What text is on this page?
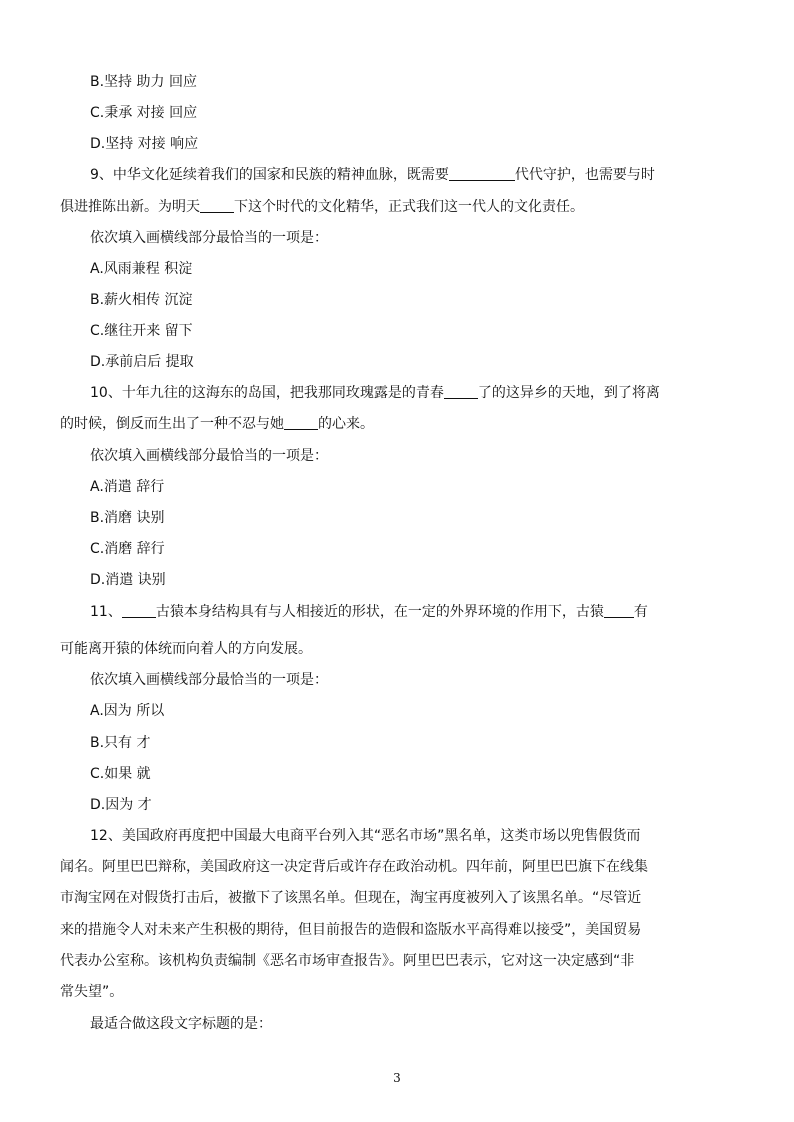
B.坚持 助力 回应
C.秉承 对接 回应
D.坚持 对接 响应
9、中华文化延续着我们的国家和民族的精神血脉，既需要	代代守护，也需要与时
俱进推陈出新。为明天 下这个时代的文化精华，正式我们这一代人的文化责任。
依次填入画横线部分最恰当的一项是：
A.风雨兼程 积淀
B.薪火相传 沉淀
C.继往开来 留下
D.承前启后 提取
10、十年九往的这海东的岛国，把我那同玫瑰露是的青春 了的这异乡的天地，到了将离
的时候，倒反而生出了一种不忍与她 的心来。
依次填入画横线部分最恰当的一项是：
A.消遣 辞行
B.消磨 诀别
C.消磨 辞行
D.消遣 诀别
11、 古猿本身结构具有与人相接近的形状，在一定的外界环境的作用下，古猿 有
可能离开猿的体统而向着人的方向发展。
依次填入画横线部分最恰当的一项是：
A.因为 所以
B.只有 才
C.如果 就
D.因为 才
12、美国政府再度把中国最大电商平台列入其“恶名市场”黑名单，这类市场以兜售假货而
闻名。阿里巴巴辩称，美国政府这一决定背后或许存在政治动机。四年前，阿里巴巴旗下在线集
市淘宝网在对假货打击后，被撤下了该黑名单。但现在，淘宝再度被列入了该黑名单。“尽管近
来的措施令人对未来产生积极的期待，但目前报告的造假和盗版水平高得难以接受”，美国贸易
代表办公室称。该机构负责编制《恶名市场审查报告》。阿里巴巴表示，它对这一决定感到“非
常失望”。
最适合做这段文字标题的是：
3
